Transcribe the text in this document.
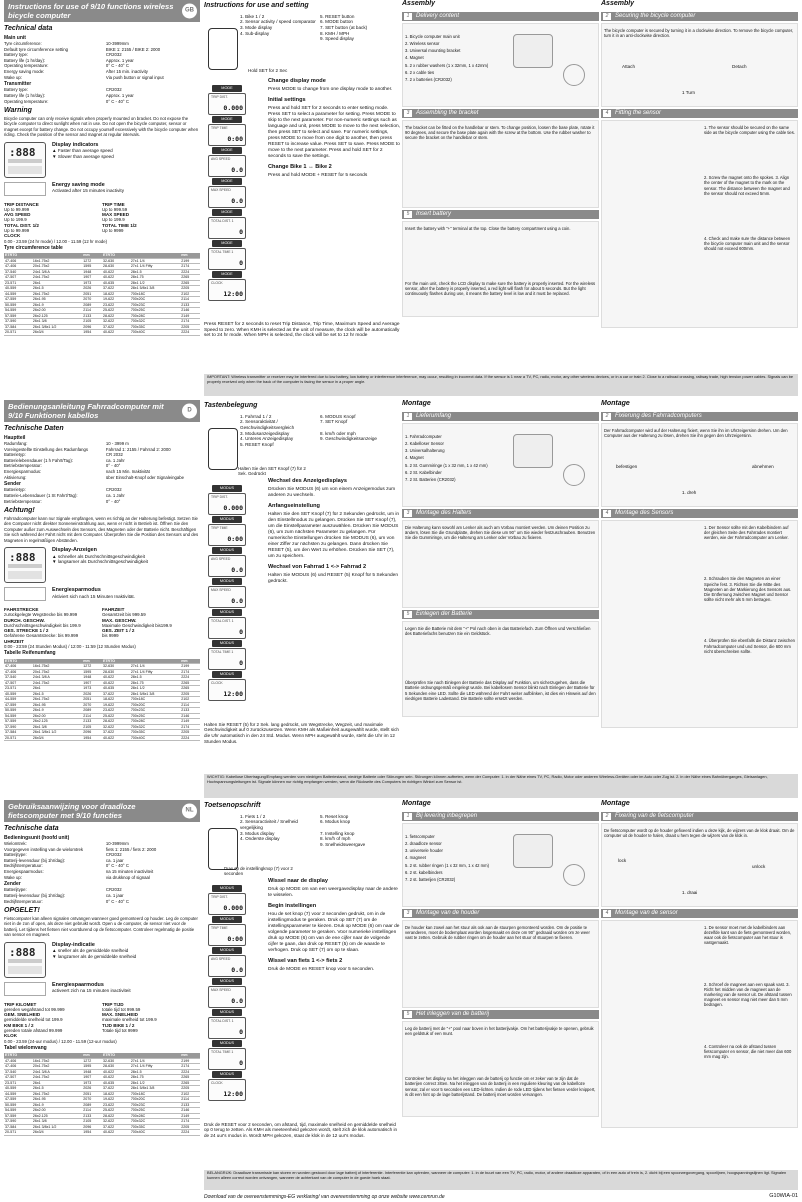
Instructions for use of 9/10 functions wireless bicycle computer
GB
Technical data
Main unit
Tyre circumference:	10-3999mm
Default tyre circumference setting	BIKE 1: 2155 / BIKE 2: 2000
Battery type:	CR2032
Battery life (1 hr/day):	Approx. 1 year
Operating temperature:	0° C - 40° C
Energy saving mode:	After 15 min. inactivity
Wake up:	Via push button or signal input
Transmitter
Battery type:	CR2032
Battery life (1 hr/day):	Approx. 1 year
Operating temperature:	0° C - 40° C
Warning

Bicycle computer can only receive signals when properly mounted on bracket. Do not expose the bicycle computer to direct sunlight when not in use. Do not open the bicycle computer, sensor or magnet except for battery change. Do not occupy yourself excessively with the bicycle computer when riding. Check the position of the sensor and magnet at regular intervals.

:888
Display indicators
▲ Faster than average speed
▼ Slower than average speed
Energy saving mode
Activated after 15 minutes inactivity
TRIP DISTANCE	TRIP TIME
Up to 99.999	Up to 999.59
AVG SPEED	MAX SPEED
Up to 199.9	Up to 199.9
TOTAL DIST. 1/2	TOTAL TIME 1/2
Up to 99.999	Up to 9999
CLOCK
0.00 - 23.59 (24 hr mode) / 12.00 - 11.59 (12 hr mode)
Tyre circumference table
ETRTO		mm	ETRTO		mm
47-406	16x1.75x2	1272	32-630	27x1 1/4	2199
47-406	20x1.75x2	1595	28-630	27x1 1/4 Fifty	2174
37-540	24x1 3/8 A	1948	40-622	28x1.5	2224
47-507	24x1.75x2	1907	40-622	28x1.75	2265
23-571	26x1	1973	40-635	28x1 1/2	2265
40-559	26x1.5	2026	37-622	28x1 5/8x1 3/8	2205
44-559	26x1.75x2	2051	18-622	700x18C	2102
47-559	26x1.95	2070	19-622	700x20C	2114
50-559	26x1.9	2089	23-622	700x23C	2133
54-559	26x2.00	2114	25-622	700x25C	2146
57-559	26x2.125	2133	28-622	700x28C	2149
37-590	26x1 3/8	2105	32-622	700x32C	2174
37-584	26x1 3/8x1 1/2	2096	37-622	700x35C	2205
20-571	26x3/4	1954	40-622	700x40C	2224
Instructions for use and setting
1. Bike 1 / 2	5. RESET button
2. Sensor activity / speed comparator 6. MODE button
3. Mode display	7. SET button (at back)
4. Sub-display	8. KMH / MPH
9. Speed display
Hold SET for 2 Sec
MODE
TRIP DIST.
0.000
MODE
TRIP TIME
0:00
MODE
AVG SPEED
0.0
MODE
MAX SPEED
0.0
MODE
TOTAL DIST. 1
0
MODE
TOTAL TIME 1
0
MODE
CLOCK
12:00
Change display mode

Press MODE to change from one display mode to another.

Initial settings

Press and hold SET for 2 seconds to enter setting mode. Press SET to select a parameter for setting. Press MODE to skip to the next parameter. For non-numeric settings such as language and unit, press MODE to move to the next selection, then press SET to select and save. For numeric settings, press MODE to move from one digit to another, then press RESET to increase value. Press SET to save. Press MODE to move to the next parameter. Press and hold SET for 2 seconds to save the settings.

Change Bike 1 ↔ Bike 2

Press and hold MODE + RESET for 5 seconds

Press RESET for 2 seconds to reset Trip Distance, Trip Time, Maximum Speed and Average Speed to zero. When KMH is selected as the unit of measure, the clock will be automatically set to 24 hr mode. When MPH is selected, the clock will be set to 12 hr mode

Assembly
1	Delivery content
1. Bicycle computer main unit
2. Wireless sensor
3. Universal mounting bracket
4. Magnet
5. 2 x rubber washers (1 x 32mm, 1 x 42mm)
6. 2 x cable ties
7. 2 x batteries (CR2032)
3	Assembling the bracket

The bracket can be fitted on the handlebar or stem. To change position, loosen the base plate, rotate it 90 degrees, and secure the base plate again with the screw at the bottom. Use the rubber washer to secure the bracket on the handlebar or stem.

5	Insert battery

Insert the battery with "+" terminal at the top. Close the battery compartment using a coin.

For the main unit, check the LCD display to make sure the battery is properly inserted. For the wireless sensor, after the battery is properly inserted, a red light will flash for about 5 seconds. But the light continuously flashes during use, it means the battery level is low and it must be replaced.

Assembly
2	Securing the bicycle computer

The bicycle computer is secured by turning it in a clockwise direction. To remove the bicycle computer, turn it in an anti-clockwise direction.

Attach	Detach
1 Turn
4	Fitting the sensor

1. The sensor should be secured on the same side as the bicycle computer using the cable ties.

2. Screw the magnet onto the spokes. 3. Align the center of the magnet to the mark on the sensor. The distance between the magnet and the sensor should not exceed 5mm.

4. Check and make sure the distance between the bicycle computer main unit and the sensor should not exceed 600mm.

IMPORTANT: Wireless transmitter or receiver may be interfered due to low battery, low battery or interference interference, may occur, resulting in incorrect data. If the sensor is 1 near a TV, PC, radio, motor, any other wireless devices, or in a car or train 2. Close to a railroad crossing, railway trade, high tension power cables. Signals can be properly received only when the back of the computer is facing the sensor in a proper angle.
Bedienungsanleitung Fahrradcomputer mit 9/10 Funktionen kabellos
D
Technische Daten
Hauptteil
Radumfang:	10 - 3999 m
Voreingestellte Einstellung des Radumfangs	Fahrrad 1: 2155 / Fahrrad 2: 2000
Batterietyp:	CR 2032
Batterielebensdauer (1 h Fahrt/Tag):	ca. 1 Jahr
Betriebstemperatur:	0° - 40°
Energiesparmodus:	nach 15 Min. Inaktivität
Aktivierung:	über Einschalt-Knopf oder Signaleingabe
Sender
Batterietyp:	CR2032
Batterie-Lebensdauer (1 St Fahrt/Tag):	ca. 1 Jahr
Betriebstemperatur:	0° - 40°
Achtung!

Fahrradcomputer kann nur Signale empfangen, wenn es richtig an der Halterung befestigt. Setzen Sie den Computer nicht direkter Sonneneinstrahlung aus, wenn er nicht in Betrieb ist. Öffnen Sie den Computer außer zum Auswechseln des Sensors, des Magneten oder der Batterie nicht. Beschäftigen Sie sich während der Fahrt nicht mit dem Computer. Überprüfen Sie die Position des Sensors und des Magneten in regelmäßigen Abständen.

:888
Display-Anzeigen
▲ schneller als Durchschnittsgeschwindigkeit
▼ langsamer als Durchschnittsgeschwindigkeit
Energiesparmodus
Aktiviert sich nach 15 Minuten Inaktivität.
FAHRSTRECKE	FAHRZEIT
zurückgelegte Wegstrecke bis 99.999	Gesamtzeit bis 999.59
DURCH. GESCHW.	MAX. GESCHW.
Durchschnittsgeschwindigkeit bis 199.9	Maximale Geschwindigkeit bis199.9
GES. STRECKE 1 / 2	GES. ZEIT 1 / 2
Gefahrene Gesamtstrecke: bis 99.999	bis 9999
UHRZEIT
0:00 - 23:59 (24 Stunden Modus) / 12:00 - 11:59 (12 Stunden Modus)
Tabelle Reifenumfang
ETRTO		mm	ETRTO		mm
47-406	16x1.75x2	1272	32-630	27x1 1/4	2199
47-406	20x1.75x2	1595	28-630	27x1 1/4 Fifty	2174
37-540	24x1 3/8 A	1948	40-622	28x1.5	2224
47-507	24x1.75x2	1907	40-622	28x1.75	2265
23-571	26x1	1973	40-635	28x1 1/2	2265
40-559	26x1.5	2026	37-622	28x1 5/8x1 3/8	2205
44-559	26x1.75x2	2051	18-622	700x18C	2102
47-559	26x1.95	2070	19-622	700x20C	2114
50-559	26x1.9	2089	23-622	700x23C	2133
54-559	26x2.00	2114	25-622	700x25C	2146
57-559	26x2.125	2133	28-622	700x28C	2149
37-590	26x1 3/8	2105	32-622	700x32C	2174
37-584	26x1 3/8x1 1/2	2096	37-622	700x35C	2205
20-571	26x3/4	1954	40-622	700x40C	2224
Tastenbelegung
1. Fahrrad 1 / 2	6. MODUS Knopf
2. Sensoraktivität / Geschwindigkeitsvergleich
7. SET Knopf
3. Modusanzeigedisplay	8. km/h oder mph
4. Unteres Anzeigedisplay	9. Geschwindigkeitsanzeige
5. RESET Knopf
Halten Sie den SET Knopf (7) für 2 Sek. Gedrückt
MODUS
TRIP DIST.
0.000
MODUS
TRIP TIME
0:00
MODUS
AVG SPEED
0.0
MODUS
MAX SPEED
0.0
MODUS
TOTAL DIST. 1
0
MODUS
TOTAL TIME 1
0
MODUS
CLOCK
12:00
Wechsel des Anzeigedisplays

Drücken Sie MODUS (6) um von einem Anzeigemodus zum anderen zu wechseln.

Anfangseinstellung

Halten Sie den SET Knopf (7) für 2 Sekunden gedrückt, um in den Einstellmodus zu gelangen. Drücken Sie SET Knopf (7), um die Einstellparameter auszuwählen. Drücken Sie MODUS (6), um zum nächsten Parameter zu gelangen. Für numerische Einstellungen drücken Sie MODUS (6), um von einer Ziffer zur nächsten zu gelangen. Dann drücken Sie RESET (5), um den Wert zu erhöhen. Drücken Sie SET (7), um zu speichern.

Wechsel von Fahrrad 1 <-> Fahrrad 2

Halten Sie MODUS (6) und RESET (5) Knopf für 5 Sekunden gedrückt.

Halten Sie RESET (5) für 2 Sek. lang gedrückt, um Wegstrecke, Wegzeit, und maximale Geschwindigkeit auf 0 zurückzusetzen. Wenn KMH als Maßeinheit ausgewählt wurde, stellt sich die Uhr automatisch in den 24 Std. Modus. Wenn MPH ausgewählt wurde, steht die Uhr im 12 Stunden Modus.

Montage
1	Lieferumfang
1. Fahrradcomputer
2. Kabelloser Sensor
3. Universalhalterung
4. Magnet
5. 2 St. Gummiringe (1 x 32 mm, 1 x 42 mm)
6. 2 St. Kabelbinder
7. 2 St. Batterien (CR2032)
3	Montage des Halters

Die Halterung kann sowohl am Lenker als auch am Vorbau montiert werden. Um deinen Position zu ändern, lösen Sie die Grundplatte, drehen Sie diese um 90° um Sie wieder festzuschrauben. Benutzen Sie die Gummiringe, um die Halterung am Lenker oder Vorbau zu fixieren.

5	Einlegen der Batterie

Legen Sie die Batterie mit dem "+" Pol nach oben in das Batteriefach. Zum Öffnen und Verschließen des Batteriefachs benutzen Sie ein Geldstück.

Überprüfen Sie nach Einlegen der Batterie das Display auf Funktion, um sicherzugehen, dass die Batterie ordnungsgemäß eingelegt wurde. Bei kabellosem Sensor blinkt nach Einlegen der Batterie für 5 Sekunden eine LED. Sollte die LED während der Fahrt weiter aufblinken, ist dies ein Hinweis auf den niedrigen Batterie Ladestand. Die Batterie sollte ersetzt werden.

Montage
2	Fixierung des Fahrradcomputers

Der Fahrradcomputer wird auf der Halterung fixiert, wenn Sie ihn im Uhrzeigersinn drehen. Um den Computer aus der Halterung zu lösen, drehen Sie ihn gegen den Uhrzeigersinn.

befestigen	abnehmen
1. dreh
4	Montage des Sensors

1. Der Sensor sollte mit den Kabelbindern auf der gleichen Seite des Fahrrades montiert werden, wie der Fahrradcomputer am Lenker.

2. Schrauben Sie den Magneten an einer Speiche fest. 3. Richten Sie die Mitte des Magneten an der Markierung des Sensors aus. Die Entfernung zwischen Magnet und Sensor sollte nicht mehr als 5 mm betragen.

4. Überprüfen Sie ebenfalls die Distanz zwischen Fahrradcomputer und und Sensor, die 600 mm nicht überschreiten sollte.

WICHTIG: Kabellose Übertragung/Empfang werden vom niedrigen Batteriestand, niedrige Batterie oder Störungen sein. Störungen können auftreten, wenn der Computer: 1. in der Nähe eines TV, PC, Radio, Motor oder anderen Wireless-Geräten oder im Auto oder Zug ist. 2. in der Nähe eines Bahnüberganges, Gleisanlagen, Hochspannungsleitungen ist. Signale können nur richtig empfangen werden, wenn die Rückseite des Computers im richtigen Winkel zum Sensor ist.
Gebruiksaanwijzing voor draadloze fietscomputer met 9/10 functies
NL
Technische data
Bedieningsunit (hoofd unit)
Wielomtrek:	10-3999mm
Voorgegeven instelling van de wielomtrek	fiets 1: 2155 / fiets 2: 2000
Batterijtype:	CR2032
Batterij-levensduur (bij 1hr/dag):	ca. 1 jaar
Bedrijfstemperatuur:	0° C - 40° C
Energiespaarmodus:	na 15 minuten inactiviteit
Wake up:	via drukknop of signaal
Zender
Batterijtype:	CR2032
Batterij-levensduur (bij 1hr/dag):	ca. 1 jaar
Bedrijfstemperatuur:	0° C - 40° C
OPGELET!

Fietscomputer kan alleen signalen ontvangen wanneer goed gemonteerd op houder. Leg de computer niet in de zon of open, als deze niet gebruikt wordt. Open u de computer, de sensor niet voor de batterij. Let tijdens het fietsen niet voortdurend op de fietscomputer. Controleer regelmatig de positie van sensor en magneet.

:888
Display-indicatie
▲ sneller als de gemiddelde snelheid
▼ langzamer als de gemiddelde snelheid
Energiespaarmodus
activeert zich na 15 minuten inactiviteit
TRIP KILOMET	TRIP TIJD
gereden wegafstand tot 99.999	totale tijd tot 999.59
GEM. SNELHEID	MAX. SNELHEID
gemiddelde snelheid tot 199.9	maximale snelheid tot 199.9
KM BIKE 1 / 2	TIJD BIKE 1 / 2
gereden totale afstand 99.999	Totale tijd tot 9999
KLOK
0.00 - 23.59 (24-uur modus) / 12.00 - 11.59 (12-uur modus)
Tabel wielomvang
ETRTO		mm	ETRTO		mm
47-406	16x1.75x2	1272	32-630	27x1 1/4	2199
47-406	20x1.75x2	1595	28-630	27x1 1/4 Fifty	2174
37-540	24x1 3/8 A	1948	40-622	28x1.5	2224
47-507	24x1.75x2	1907	40-622	28x1.75	2265
23-571	26x1	1973	40-635	28x1 1/2	2265
40-559	26x1.5	2026	37-622	28x1 5/8x1 3/8	2205
44-559	26x1.75x2	2051	18-622	700x18C	2102
47-559	26x1.95	2070	19-622	700x20C	2114
50-559	26x1.9	2089	23-622	700x23C	2133
54-559	26x2.00	2114	25-622	700x25C	2146
57-559	26x2.125	2133	28-622	700x28C	2149
37-590	26x1 3/8	2105	32-622	700x32C	2174
37-584	26x1 3/8x1 1/2	2096	37-622	700x35C	2205
20-571	26x3/4	1954	40-622	700x40C	2224
Toetsenopschrift
1. Fiets 1 / 2	5. Reset knop
2. Sensoractiviteit / Snelheid vergelijking
6. Modus knop
3. Modus display	7. Instelling knop
4. Onderste display	8. km/h of mph
9. Snelheidsweergave
Duw op de instellingknop (7) voor 2 seconden
MODUS
TRIP DIST.
0.000
MODUS
TRIP TIME
0:00
MODUS
AVG SPEED
0.0
MODUS
MAX SPEED
0.0
MODUS
TOTAL DIST. 1
0
MODUS
TOTAL TIME 1
0
MODUS
CLOCK
12:00
Wissel naar de display

Druk op MODE om van een weergavedisplay naar de andere te wisselen.

Begin instellingen

Hou de set knop (7) voor 2 seconden gedrukt, om in de instellingmodus te geraken. Druk op SET (7) om de instellingsparameter te kiezen. Druk op MODE (6) om naar de volgende parameter te geraken. Voor numerieke instellingen druk op MODE (6) om van de ene cijfer naar de volgende cijfer te gaan, dan druk op RESET (5) om de waarde te verhogen. Druk op SET (7) om op te slaan.

Wissel van fiets 1 <-> fiets 2

Druk de MODE en RESET knop voor 5 seconden.

Druk de RESET voor 2 seconden, om afstand, tijd, maximale snelheid en gemiddelde snelheid op 0 terug te zetten. Als KMH als meeteenheid gekozen wordt, stelt zich de klok automatisch in de 24 uur's modus in. Wordt MPH gekozen, staat de klok in de 12 uur's modus.

Montage
1	Bij levering inbegrepen
1. fietscomputer
2. draadloze sensor
3. universele houder
4. magneet
5. 2 st. rubber ringen (1 x 32 mm, 1 x 42 mm)
6. 2 st. kabelbinders
7. 2 st. batterijen (CR2032)
3	Montage van de houder

De houder kan zowel aan het stuur als ook aan de stuurpen gemonteerd worden. Om de positie te veranderen, moet de bodemplaat worden losgemaakt en deze om 90° gedraaid worden om ze weer vast te zetten. Gebruik de rubber ringen om de houder aan het stuur of stuurpen te fixeren.

5	Het inleggen van de batterij

Leg de batterij met de "+" pool naar boven in het batterijvakje. Om het batterijvakje te openen, gebruik een geldstuk of een munt.

Controleer het display na het inleggen van de batterij op functie om er zeker van te zijn dat de batterijen correct zitten. Na het inleggen van de batterij in een reguliere kleuring van de kabelloze sensor, zal er voor 5 seconden een LED-lichten. Indien de rode LED tijdens het fietsen verder knippert, is dit een hint op de lage batterijstand. De batterij moet worden vervangen.

Montage
2	Fixering van de fietscomputer

De fietscomputer wordt op de houder gefixeerd indien u deze kijk, de wijzers van de klok draait. Om de computer uit de houder te halen, draait u hem tegen de wijzers van de klok in.

lock
unlock
1. draai
4	Montage van de sensor

1. De sensor moet met de kabelbinders aan dezelfde kant van de fiets gemonteerd worden, waar ook de fietscomputer aan het stuur is vastgemaakt.

2. Schroef de magneet aan een spaak vast. 3. Richt het midden van de magneet aan de markering van de sensor uit. De afstand tussen magneet en sensor mag niet meer dan 5 mm bedragen.

4. Controleer na ook de afstand tussen fietscomputer en sensor, die niet meer dan 600 mm mag zijn.

BELANGRIJK: Draadloze transmissie kan storen en worden gestoord door lage batterij of interferentie. Interferentie kan optreden, wanneer de computer: 1. in de buurt van een TV, PC, radio, motor, of andere draadloze apparaten, of in een auto of trein is, 2. dicht bij een spoorwegovergang, spoorlijnen, hoogspanningslijnen ligt. Signalen kunnen alleen correct worden ontvangen, wanneer de achterkant van de computer in de goede hoek staat.
Download van de overeenstemmings-EG verklaring/ van overeenstemming op onze website www.cemrun.de	G10WIA-01
